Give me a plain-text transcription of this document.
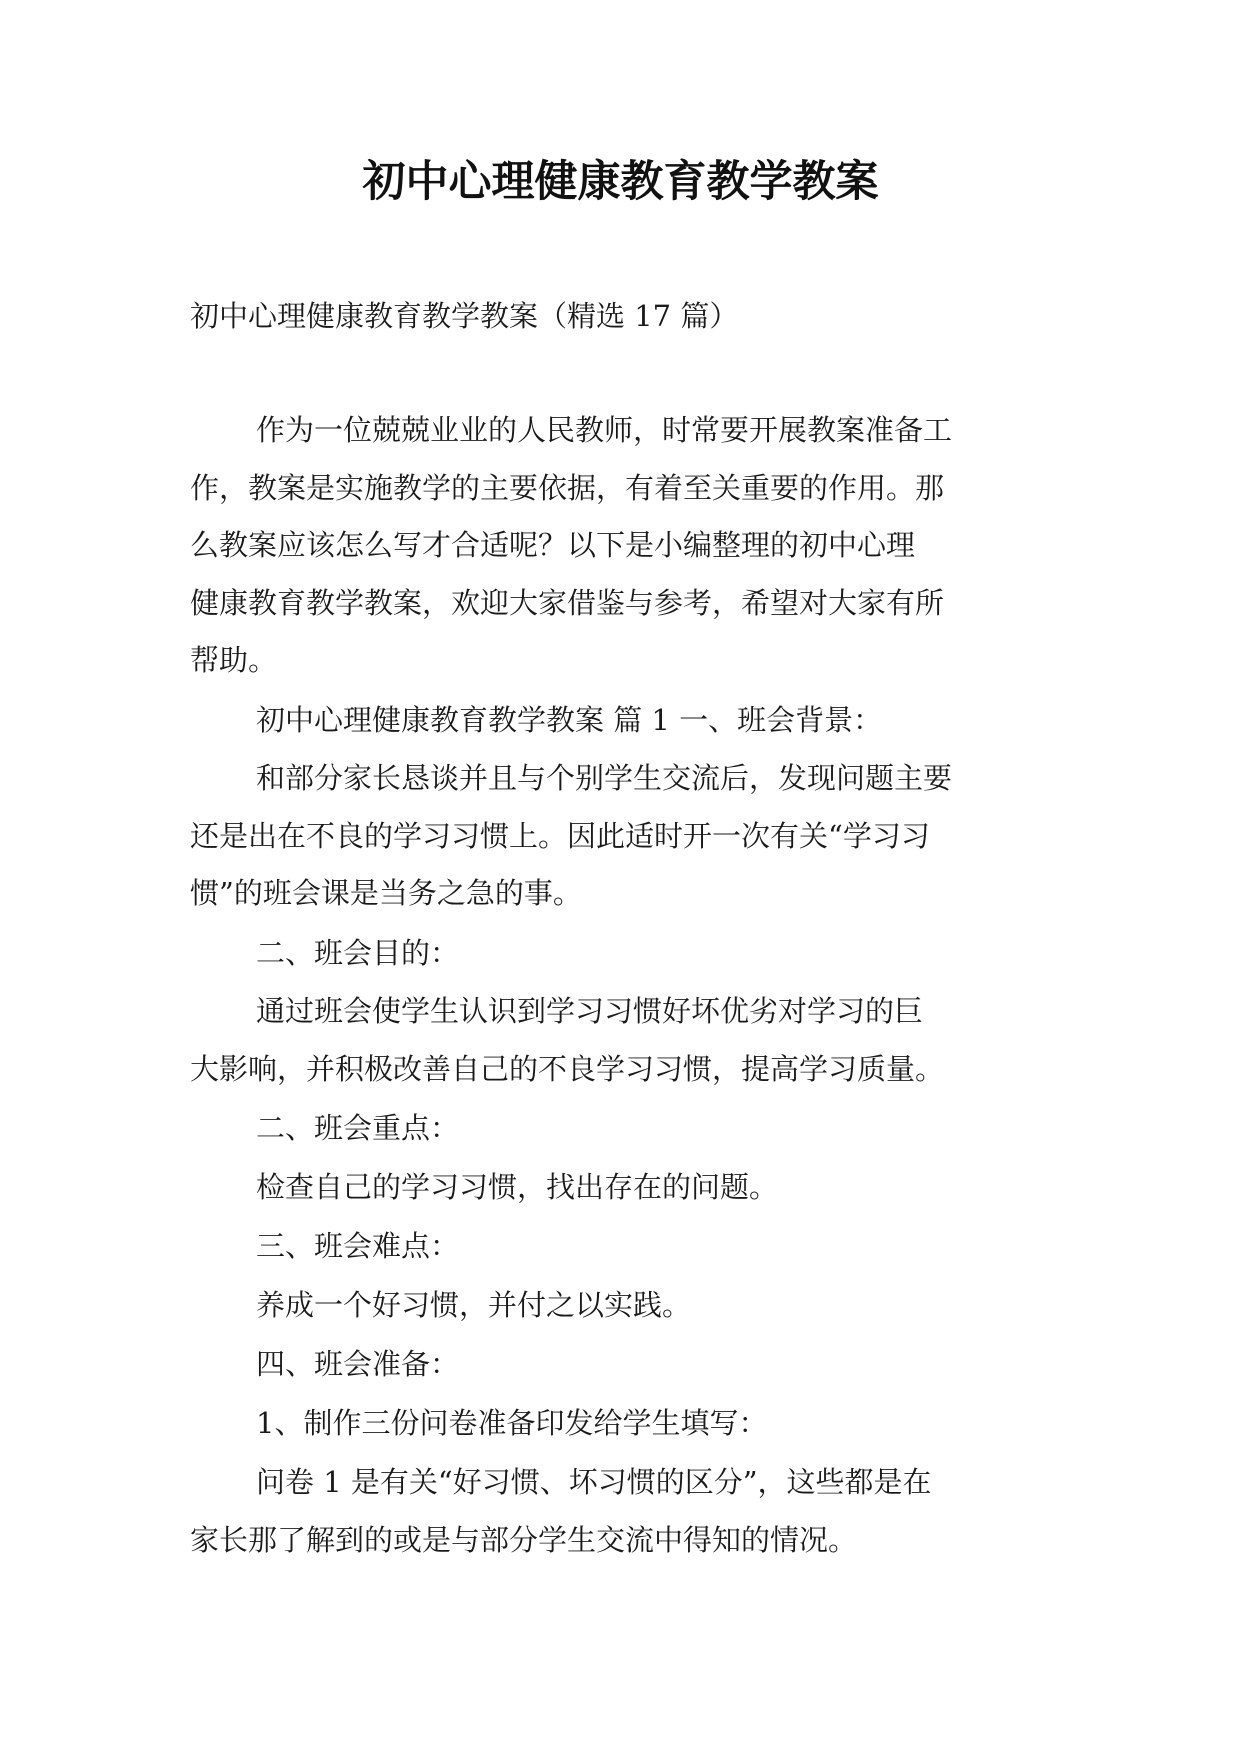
初中心理健康教育教学教案
初中心理健康教育教学教案（精选 17 篇）
作为一位兢兢业业的人民教师，时常要开展教案准备工
作，教案是实施教学的主要依据，有着至关重要的作用。那
么教案应该怎么写才合适呢？以下是小编整理的初中心理
健康教育教学教案，欢迎大家借鉴与参考，希望对大家有所
帮助。
初中心理健康教育教学教案 篇 1 一、班会背景：
和部分家长恳谈并且与个别学生交流后，发现问题主要
还是出在不良的学习习惯上。因此适时开一次有关“学习习
惯”的班会课是当务之急的事。
二、班会目的：
通过班会使学生认识到学习习惯好坏优劣对学习的巨
大影响，并积极改善自己的不良学习习惯，提高学习质量。
二、班会重点：
检查自己的学习习惯，找出存在的问题。
三、班会难点：
养成一个好习惯，并付之以实践。
四、班会准备：
1、制作三份问卷准备印发给学生填写：
问卷 1 是有关“好习惯、坏习惯的区分”，这些都是在
家长那了解到的或是与部分学生交流中得知的情况。
